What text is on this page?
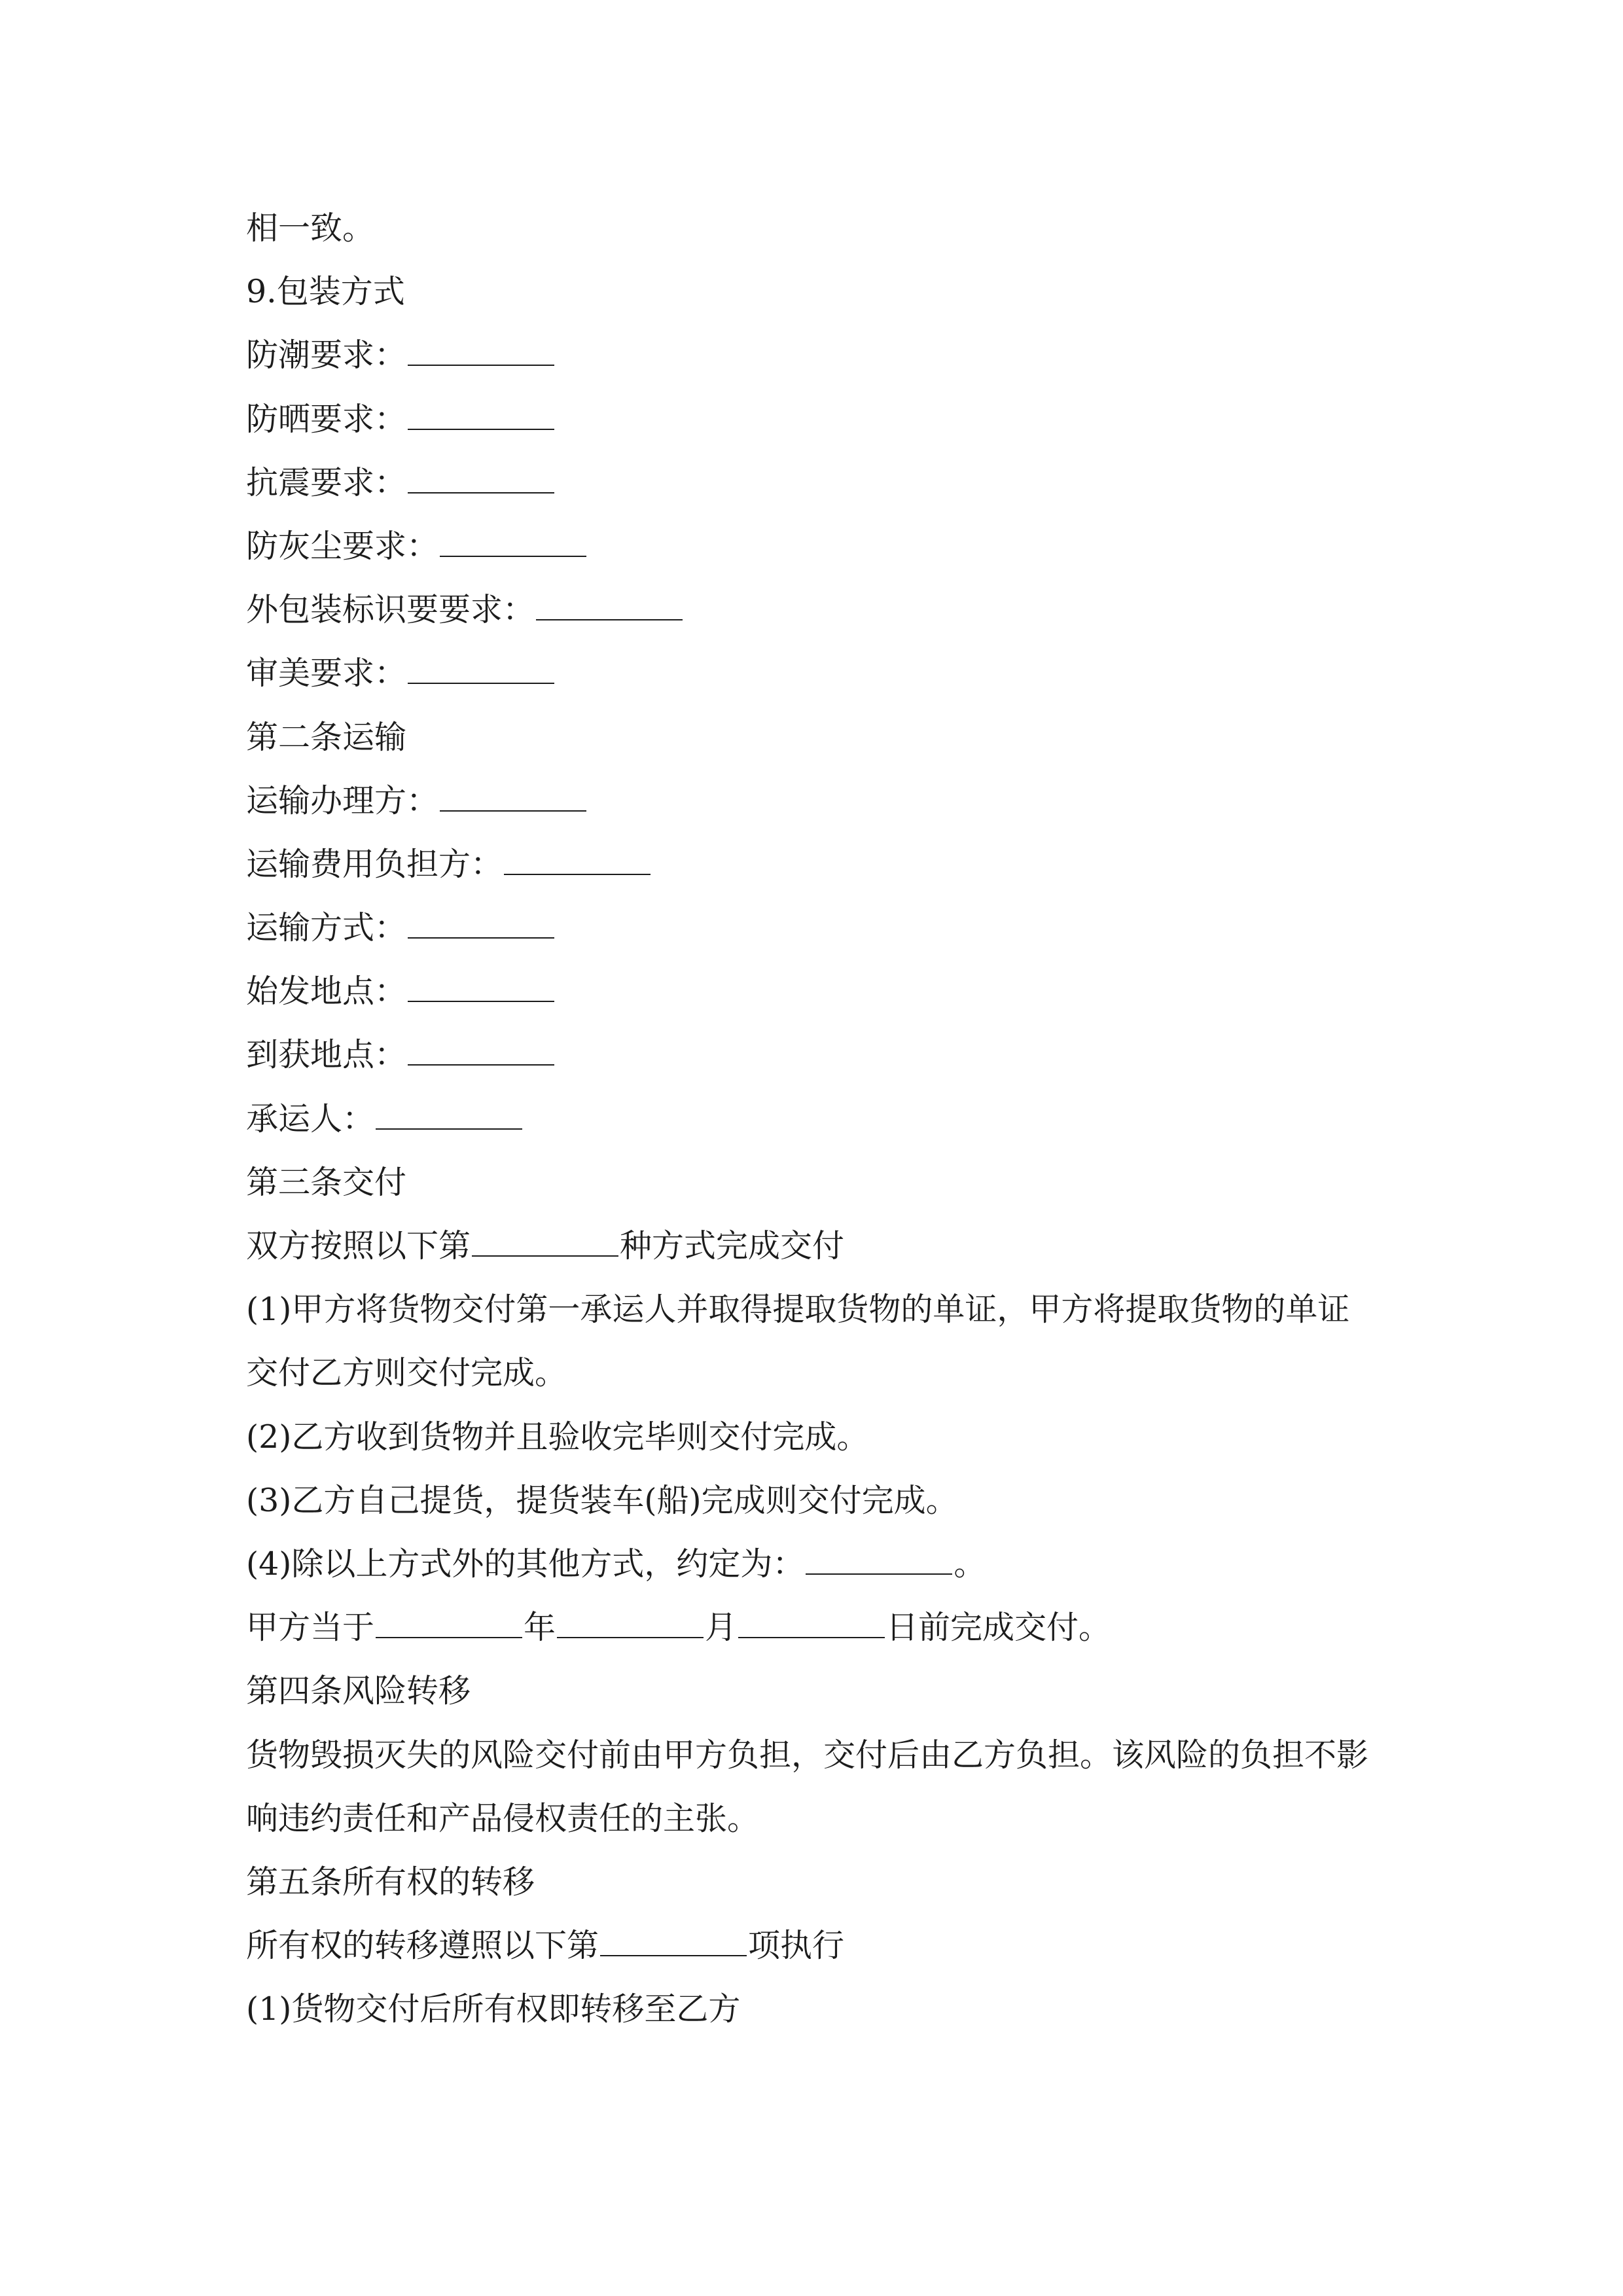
相一致。
9.包装方式
防潮要求：
防晒要求：
抗震要求：
防灰尘要求：
外包装标识要要求：
审美要求：
第二条运输
运输办理方：
运输费用负担方：
运输方式：
始发地点：
到获地点：
承运人：
第三条交付
双方按照以下第	种方式完成交付
(1)甲方将货物交付第一承运人并取得提取货物的单证，甲方将提取货物的单证
交付乙方则交付完成。
(2)乙方收到货物并且验收完毕则交付完成。
(3)乙方自己提货，提货装车(船)完成则交付完成。
(4)除以上方式外的其他方式，约定为：	。
甲方当于	年	月	日前完成交付。
第四条风险转移
货物毁损灭失的风险交付前由甲方负担，交付后由乙方负担。该风险的负担不影
响违约责任和产品侵权责任的主张。
第五条所有权的转移
所有权的转移遵照以下第	项执行
(1)货物交付后所有权即转移至乙方
